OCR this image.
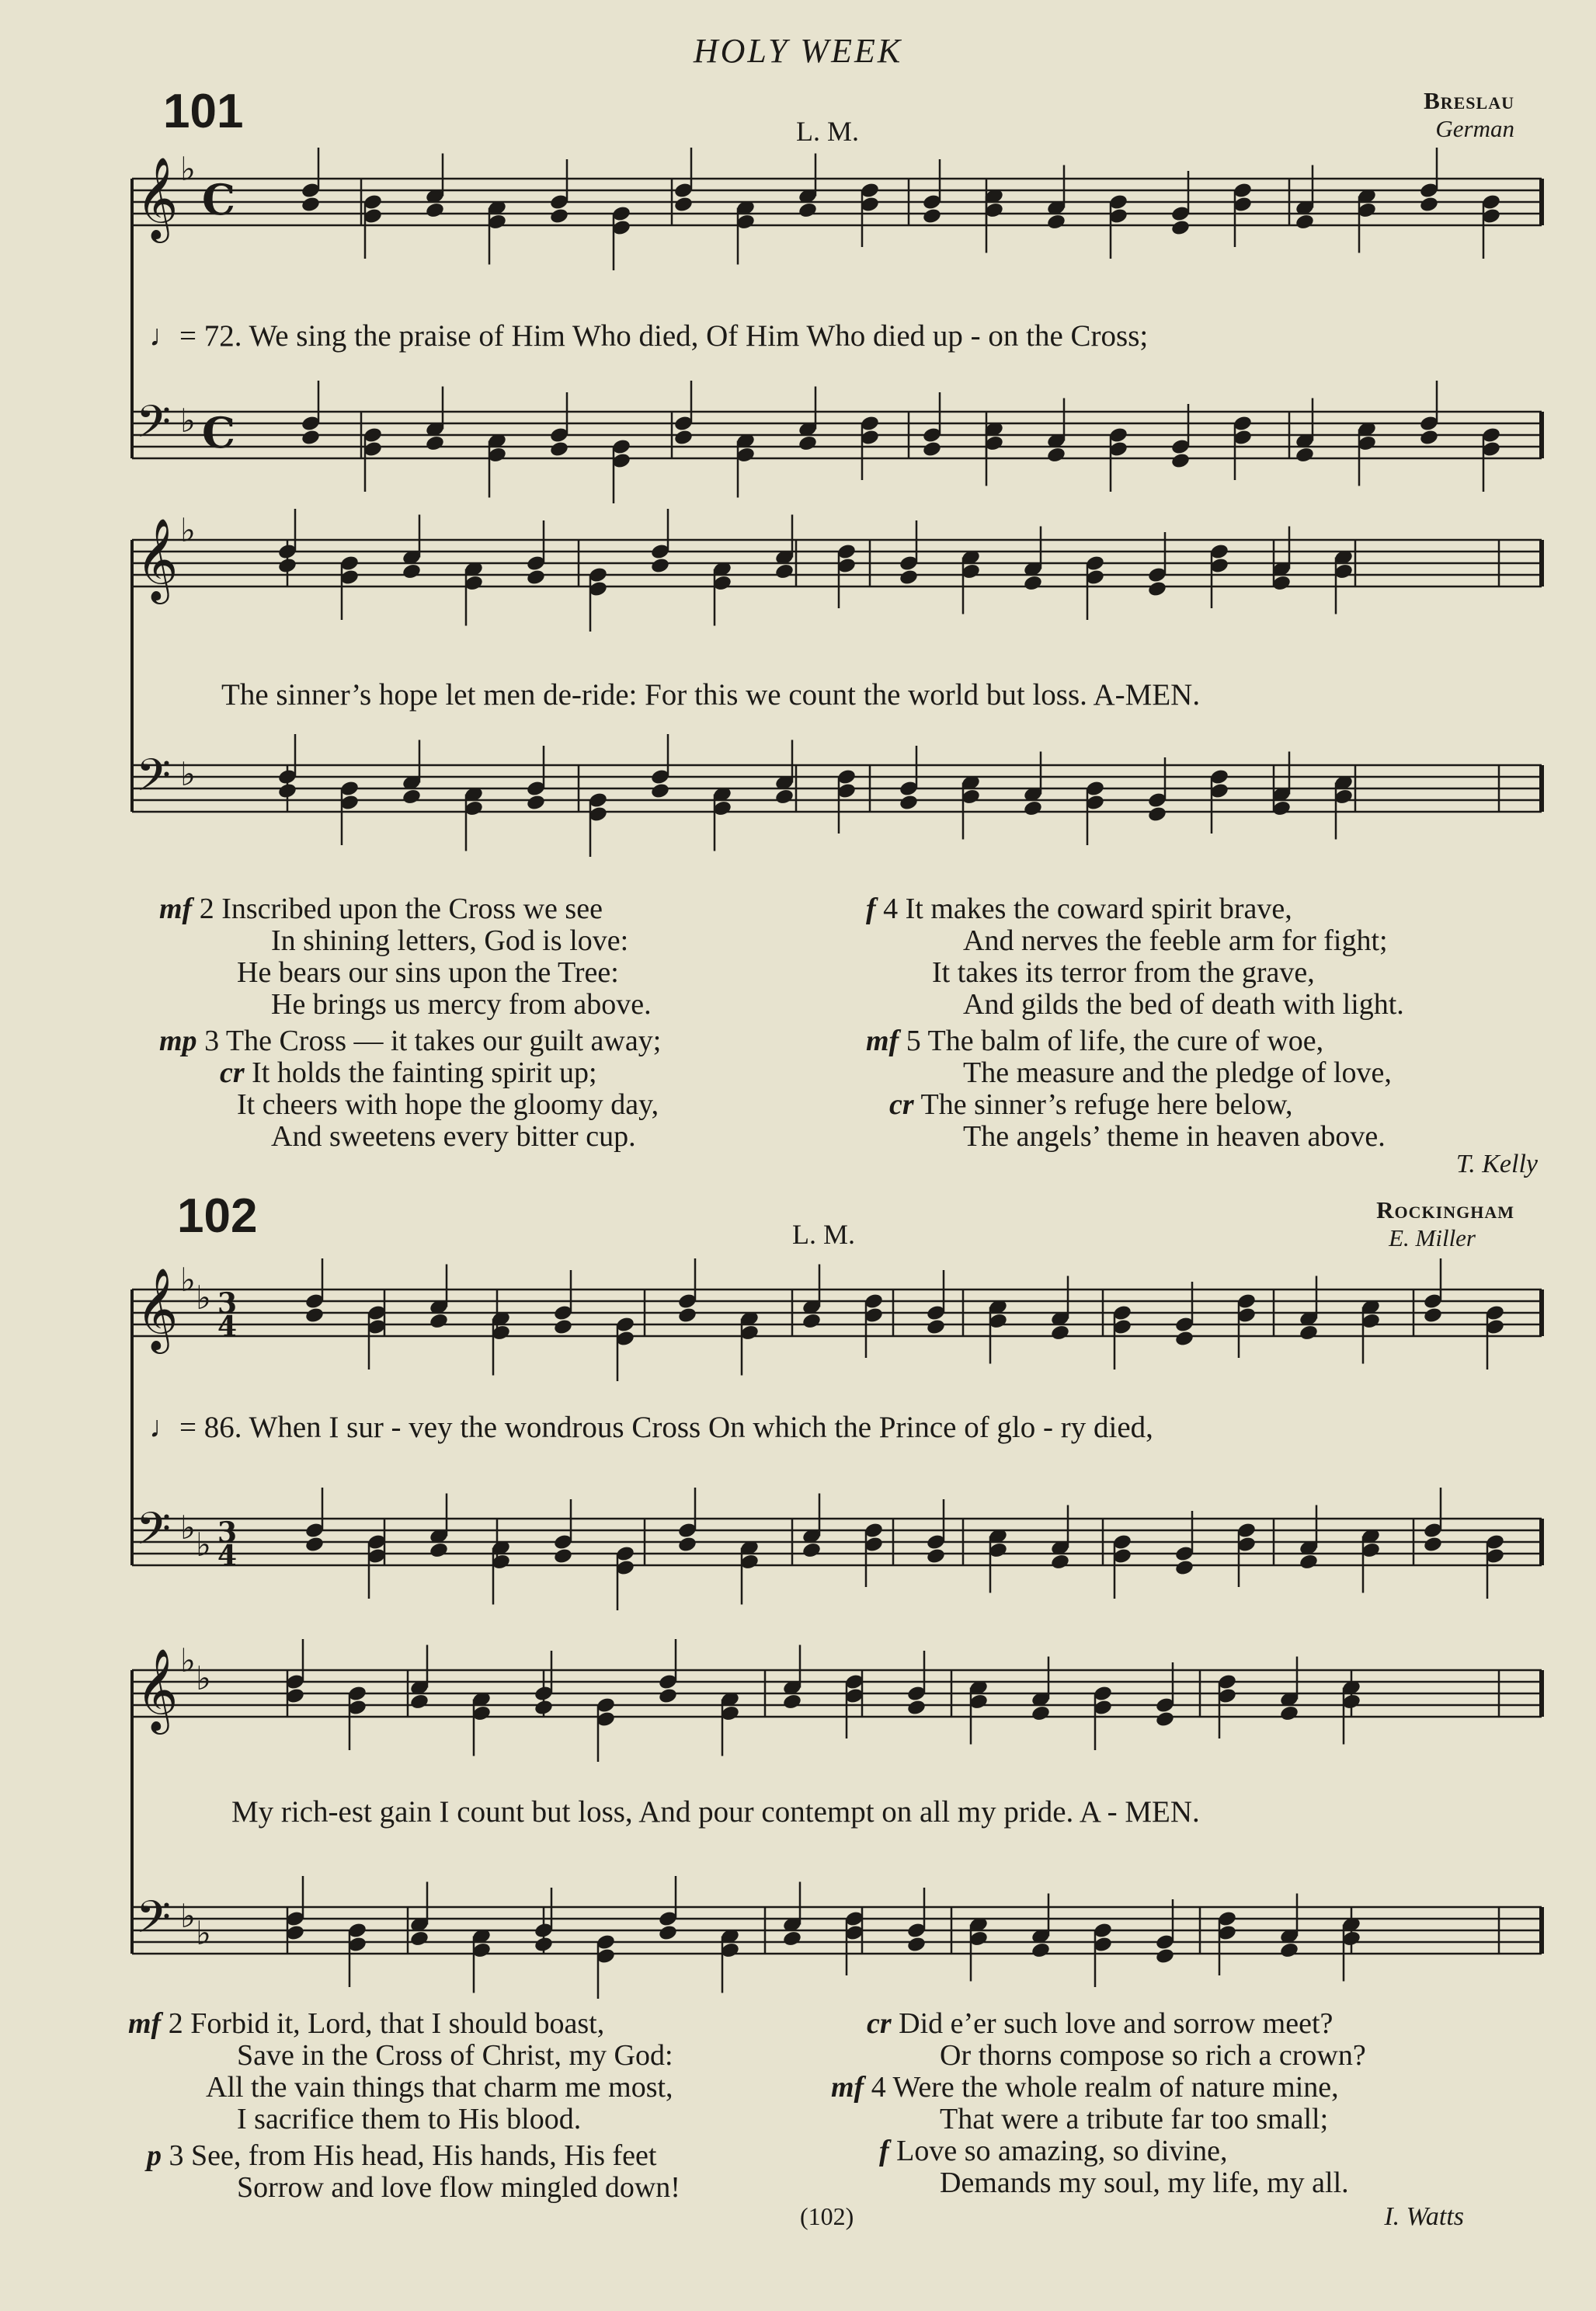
HOLY WEEK
101	L. M.
Breslau
German
𝄞 ♭
C
𝄢 ♭ C
𝄞 ♭
𝄢 ♭
𝄞 ♭ ♭ 3
4
𝄢 ♭ ♭ 3
4
𝄞 ♭ ♭
𝄢 ♭ ♭
♩= 72. We sing the praise of Him Who died, Of Him Who died up - on the Cross;
The sinner’s hope let men de-ride: For this we count the world but loss. A-MEN.
mf 2 Inscribed upon the Cross we see
In shining letters, God is love:
He bears our sins upon the Tree:
He brings us mercy from above.
mp 3 The Cross — it takes our guilt away;
cr It holds the fainting spirit up;
It cheers with hope the gloomy day,
And sweetens every bitter cup.
f 4 It makes the coward spirit brave,
And nerves the feeble arm for fight;
It takes its terror from the grave,
And gilds the bed of death with light.
mf 5 The balm of life, the cure of woe,
The measure and the pledge of love,
cr The sinner’s refuge here below,
The angels’ theme in heaven above.
T. Kelly
102	L. M.
Rockingham
E. Miller
♩= 86. When I sur - vey the wondrous Cross On which the Prince of glo - ry died,
My rich-est gain I count but loss, And pour contempt on all my pride. A - MEN.
mf 2 Forbid it, Lord, that I should boast,
Save in the Cross of Christ, my God:
All the vain things that charm me most,
I sacrifice them to His blood.
p 3 See, from His head, His hands, His feet
Sorrow and love flow mingled down!
cr Did e’er such love and sorrow meet?
Or thorns compose so rich a crown?
mf 4 Were the whole realm of nature mine,
That were a tribute far too small;
f Love so amazing, so divine,
Demands my soul, my life, my all.
(102)	I. Watts
